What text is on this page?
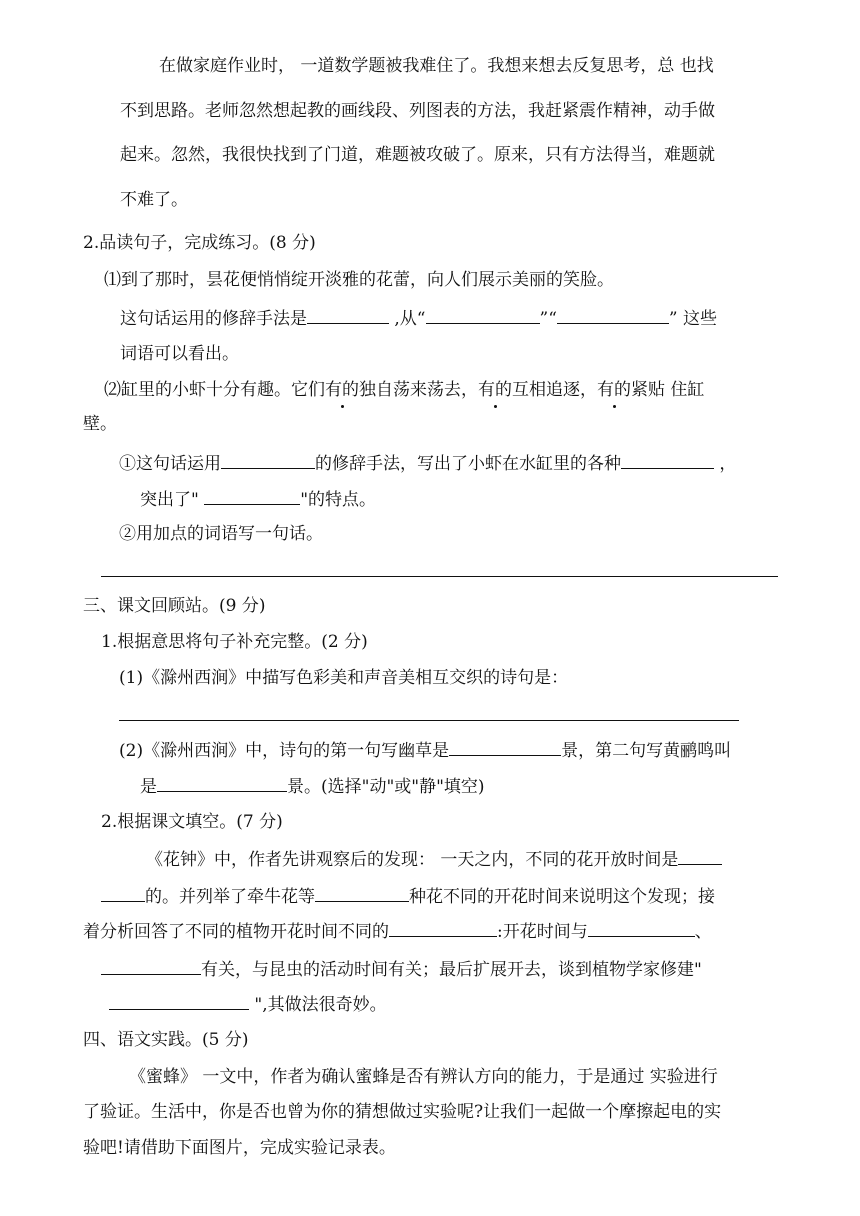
在做家庭作业时， 一道数学题被我难住了。我想来想去反复思考，总 也找
不到思路。老师忽然想起教的画线段、列图表的方法，我赶紧震作精神，动手做
起来。忽然，我很快找到了门道，难题被攻破了。原来，只有方法得当，难题就
不难了。
2.品读句子，完成练习。(8 分)
⑴到了那时，昙花便悄悄绽开淡雅的花蕾，向人们展示美丽的笑脸。
这句话运用的修辞手法是	,从“	”“	” 这些
词语可以看出。
⑵缸里的小虾十分有趣。它们有的独自荡来荡去，有的互相追逐，有的紧贴 住缸
壁。
①这句话运用	的修辞手法，写出了小虾在水缸里的各种	，
突出了"	"的特点。
②用加点的词语写一句话。
三、课文回顾站。(9 分)
1.根据意思将句子补充完整。(2 分)
(1)《滁州西涧》中描写色彩美和声音美相互交织的诗句是：
(2)《滁州西涧》中，诗句的第一句写幽草是	景，第二句写黄鹂鸣叫
是	景。(选择"动"或"静"填空)
2.根据课文填空。(7 分)
《花钟》中，作者先讲观察后的发现： 一天之内，不同的花开放时间是
的。并列举了牵牛花等	种花不同的开花时间来说明这个发现；接
着分析回答了不同的植物开花时间不同的	:开花时间与	、
有关，与昆虫的活动时间有关；最后扩展开去，谈到植物学家修建"
",其做法很奇妙。
四、语文实践。(5 分)
《蜜蜂》 一文中，作者为确认蜜蜂是否有辨认方向的能力，于是通过 实验进行
了验证。生活中，你是否也曾为你的猜想做过实验呢?让我们一起做一个摩擦起电的实
验吧!请借助下面图片，完成实验记录表。
